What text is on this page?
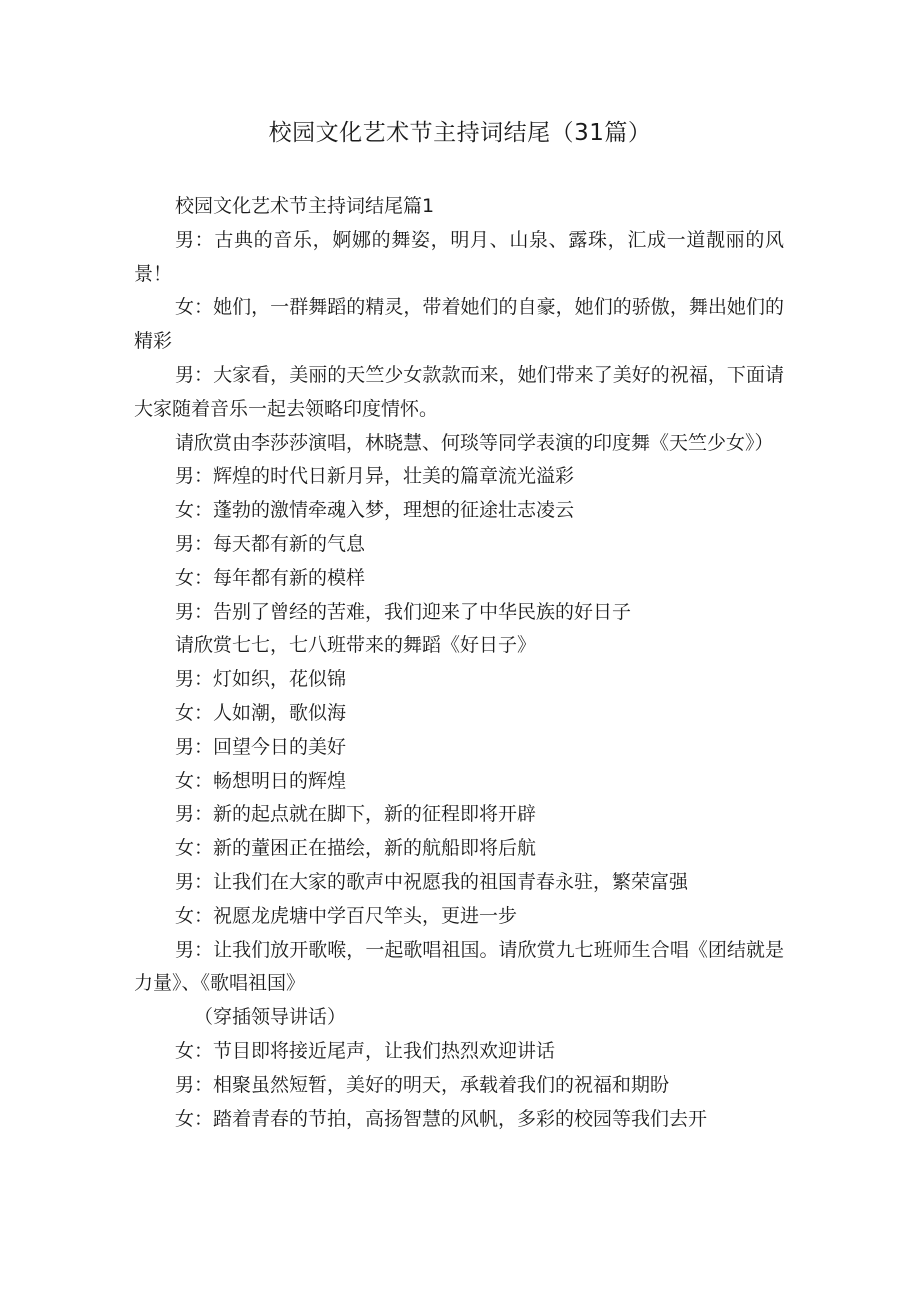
校园文化艺术节主持词结尾（31篇）

校园文化艺术节主持词结尾篇1

男：古典的音乐，婀娜的舞姿，明月、山泉、露珠，汇成一道靓丽的风景！

女：她们，一群舞蹈的精灵，带着她们的自豪，她们的骄傲，舞出她们的精彩

男：大家看，美丽的天竺少女款款而来，她们带来了美好的祝福，下面请大家随着音乐一起去领略印度情怀。

请欣赏由李莎莎演唱，林晓慧、何琰等同学表演的印度舞《天竺少女》）

男：辉煌的时代日新月异，壮美的篇章流光溢彩

女：蓬勃的激情牵魂入梦，理想的征途壮志凌云

男：每天都有新的气息

女：每年都有新的模样

男：告别了曾经的苦难，我们迎来了中华民族的好日子

请欣赏七七，七八班带来的舞蹈《好日子》

男：灯如织，花似锦

女：人如潮，歌似海

男：回望今日的美好

女：畅想明日的辉煌

男：新的起点就在脚下，新的征程即将开辟

女：新的蕫困正在描绘，新的航船即将后航

男：让我们在大家的歌声中祝愿我的祖国青春永驻，繁荣富强

女：祝愿龙虎塘中学百尺竿头，更进一步

男：让我们放开歌喉，一起歌唱祖国。请欣赏九七班师生合唱《团结就是力量》、《歌唱祖国》

（穿插领导讲话）

女：节目即将接近尾声，让我们热烈欢迎讲话

男：相聚虽然短暂，美好的明天，承载着我们的祝福和期盼

女：踏着青春的节拍，高扬智慧的风帆，多彩的校园等我们去开
